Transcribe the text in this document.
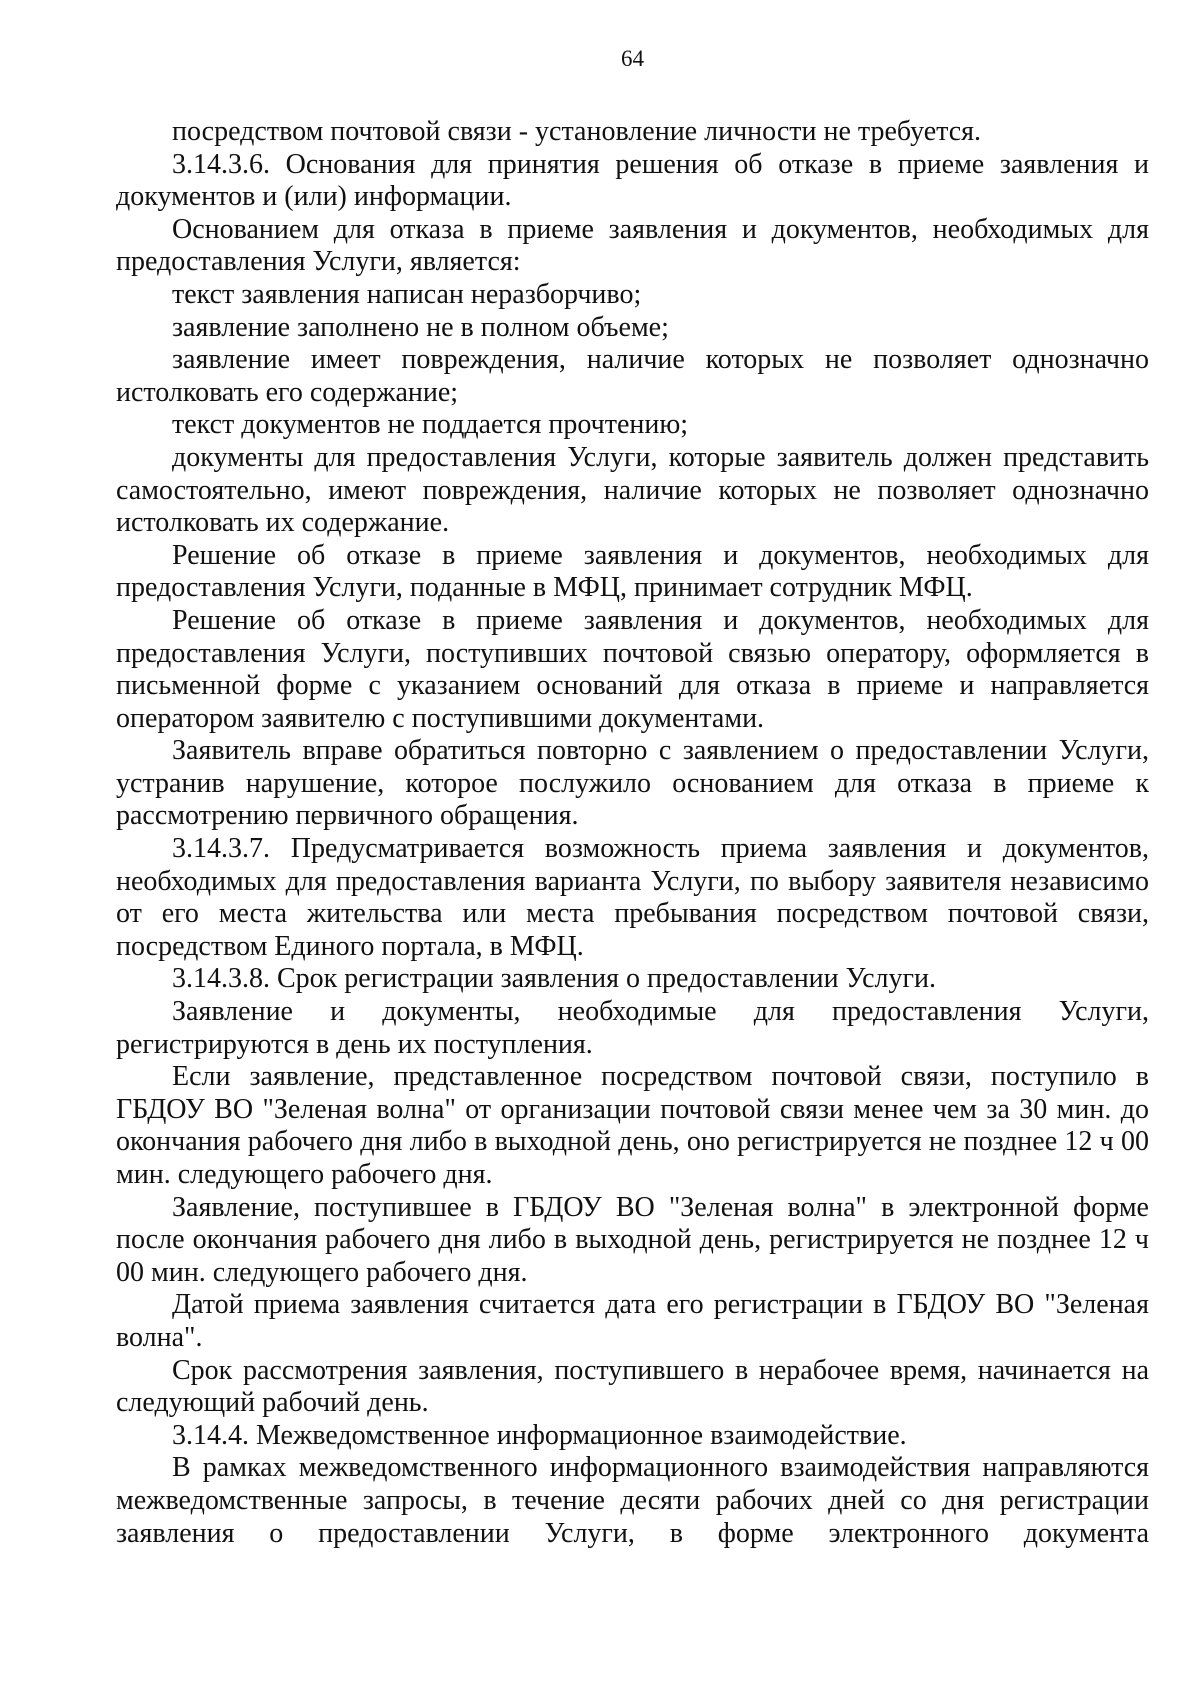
64

посредством почтовой связи - установление личности не требуется.

3.14.3.6. Основания для принятия решения об отказе в приеме заявления и документов и (или) информации.

Основанием для отказа в приеме заявления и документов, необходимых для предоставления Услуги, является:

текст заявления написан неразборчиво;

заявление заполнено не в полном объеме;

заявление имеет повреждения, наличие которых не позволяет однозначно истолковать его содержание;

текст документов не поддается прочтению;

документы для предоставления Услуги, которые заявитель должен представить самостоятельно, имеют повреждения, наличие которых не позволяет однозначно истолковать их содержание.

Решение об отказе в приеме заявления и документов, необходимых для предоставления Услуги, поданные в МФЦ, принимает сотрудник МФЦ.

Решение об отказе в приеме заявления и документов, необходимых для предоставления Услуги, поступивших почтовой связью оператору, оформляется в письменной форме с указанием оснований для отказа в приеме и направляется оператором заявителю с поступившими документами.

Заявитель вправе обратиться повторно с заявлением о предоставлении Услуги, устранив нарушение, которое послужило основанием для отказа в приеме к рассмотрению первичного обращения.

3.14.3.7. Предусматривается возможность приема заявления и документов, необходимых для предоставления варианта Услуги, по выбору заявителя независимо от его места жительства или места пребывания посредством почтовой связи, посредством Единого портала, в МФЦ.

3.14.3.8. Срок регистрации заявления о предоставлении Услуги.

Заявление и документы, необходимые для предоставления Услуги, регистрируются в день их поступления.

Если заявление, представленное посредством почтовой связи, поступило в ГБДОУ ВО "Зеленая волна" от организации почтовой связи менее чем за 30 мин. до окончания рабочего дня либо в выходной день, оно регистрируется не позднее 12 ч 00 мин. следующего рабочего дня.

Заявление, поступившее в ГБДОУ ВО "Зеленая волна" в электронной форме после окончания рабочего дня либо в выходной день, регистрируется не позднее 12 ч 00 мин. следующего рабочего дня.

Датой приема заявления считается дата его регистрации в ГБДОУ ВО "Зеленая волна".

Срок рассмотрения заявления, поступившего в нерабочее время, начинается на следующий рабочий день.

3.14.4. Межведомственное информационное взаимодействие.

В рамках межведомственного информационного взаимодействия направляются межведомственные запросы, в течение десяти рабочих дней со дня регистрации заявления о предоставлении Услуги, в форме электронного документа
